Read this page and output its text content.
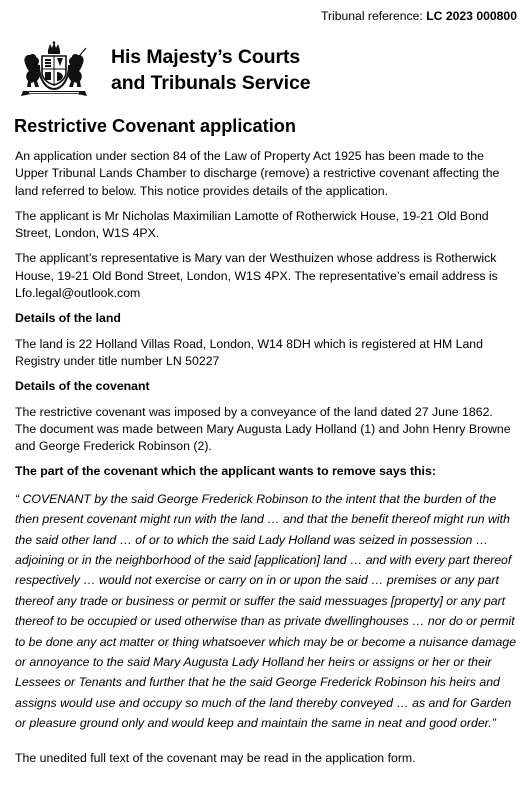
Tribunal reference: LC 2023 000800
His Majesty’s Courts
and Tribunals Service
Restrictive Covenant application

An application under section 84 of the Law of Property Act 1925 has been made to the Upper Tribunal Lands Chamber to discharge (remove) a restrictive covenant affecting the land referred to below. This notice provides details of the application.

The applicant is Mr Nicholas Maximilian Lamotte of Rotherwick House, 19-21 Old Bond Street, London, W1S 4PX.

The applicant’s representative is Mary van der Westhuizen whose address is Rotherwick House, 19-21 Old Bond Street, London, W1S 4PX. The representative’s email address is Lfo.legal@outlook.com

Details of the land

The land is 22 Holland Villas Road, London, W14 8DH which is registered at HM Land Registry under title number LN 50227

Details of the covenant

The restrictive covenant was imposed by a conveyance of the land dated 27 June 1862. The document was made between Mary Augusta Lady Holland (1) and John Henry Browne and George Frederick Robinson (2).

The part of the covenant which the applicant wants to remove says this:

“ COVENANT by the said George Frederick Robinson to the intent that the burden of the then present covenant might run with the land … and that the benefit thereof might run with the said other land … of or to which the said Lady Holland was seized in possession … adjoining or in the neighborhood of the said [application] land … and with every part thereof respectively … would not exercise or carry on in or upon the said … premises or any part thereof any trade or business or permit or suffer the said messuages [property] or any part thereof to be occupied or used otherwise than as private dwellinghouses … nor do or permit to be done any act matter or thing whatsoever which may be or become a nuisance damage or annoyance to the said Mary Augusta Lady Holland her heirs or assigns or her or their Lessees or Tenants and further that he the said George Frederick Robinson his heirs and assigns would use and occupy so much of the land thereby conveyed … as and for Garden or pleasure ground only and would keep and maintain the same in neat and good order.”

The unedited full text of the covenant may be read in the application form.
